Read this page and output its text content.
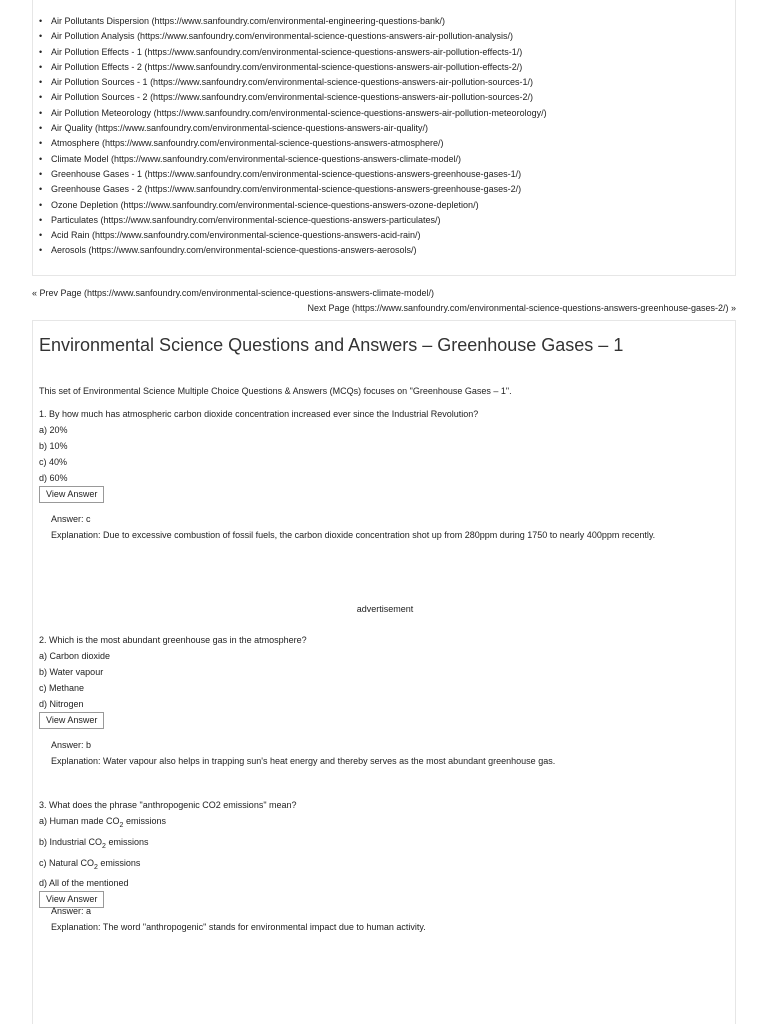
• Air Pollutants Dispersion (https://www.sanfoundry.com/environmental-engineering-questions-bank/)
• Air Pollution Analysis (https://www.sanfoundry.com/environmental-science-questions-answers-air-pollution-analysis/)
• Air Pollution Effects - 1 (https://www.sanfoundry.com/environmental-science-questions-answers-air-pollution-effects-1/)
• Air Pollution Effects - 2 (https://www.sanfoundry.com/environmental-science-questions-answers-air-pollution-effects-2/)
• Air Pollution Sources - 1 (https://www.sanfoundry.com/environmental-science-questions-answers-air-pollution-sources-1/)
• Air Pollution Sources - 2 (https://www.sanfoundry.com/environmental-science-questions-answers-air-pollution-sources-2/)
• Air Pollution Meteorology (https://www.sanfoundry.com/environmental-science-questions-answers-air-pollution-meteorology/)
• Air Quality (https://www.sanfoundry.com/environmental-science-questions-answers-air-quality/)
• Atmosphere (https://www.sanfoundry.com/environmental-science-questions-answers-atmosphere/)
• Climate Model (https://www.sanfoundry.com/environmental-science-questions-answers-climate-model/)
• Greenhouse Gases - 1 (https://www.sanfoundry.com/environmental-science-questions-answers-greenhouse-gases-1/)
• Greenhouse Gases - 2 (https://www.sanfoundry.com/environmental-science-questions-answers-greenhouse-gases-2/)
• Ozone Depletion (https://www.sanfoundry.com/environmental-science-questions-answers-ozone-depletion/)
• Particulates (https://www.sanfoundry.com/environmental-science-questions-answers-particulates/)
• Acid Rain (https://www.sanfoundry.com/environmental-science-questions-answers-acid-rain/)
• Aerosols (https://www.sanfoundry.com/environmental-science-questions-answers-aerosols/)
« Prev Page (https://www.sanfoundry.com/environmental-science-questions-answers-climate-model/)
Next Page (https://www.sanfoundry.com/environmental-science-questions-answers-greenhouse-gases-2/) »
Environmental Science Questions and Answers – Greenhouse Gases – 1
This set of Environmental Science Multiple Choice Questions & Answers (MCQs) focuses on "Greenhouse Gases – 1".
1. By how much has atmospheric carbon dioxide concentration increased ever since the Industrial Revolution?
a) 20%
b) 10%
c) 40%
d) 60%
View Answer
Answer: c
Explanation: Due to excessive combustion of fossil fuels, the carbon dioxide concentration shot up from 280ppm during 1750 to nearly 400ppm recently.
advertisement
2. Which is the most abundant greenhouse gas in the atmosphere?
a) Carbon dioxide
b) Water vapour
c) Methane
d) Nitrogen
View Answer
Answer: b
Explanation: Water vapour also helps in trapping sun's heat energy and thereby serves as the most abundant greenhouse gas.
3. What does the phrase "anthropogenic CO2 emissions" mean?
a) Human made $CO_2$ emissions
b) Industrial $CO_2$ emissions
c) Natural $CO_2$ emissions
d) All of the mentioned
View Answer
Answer: a
Explanation: The word "anthropogenic" stands for environmental impact due to human activity.
